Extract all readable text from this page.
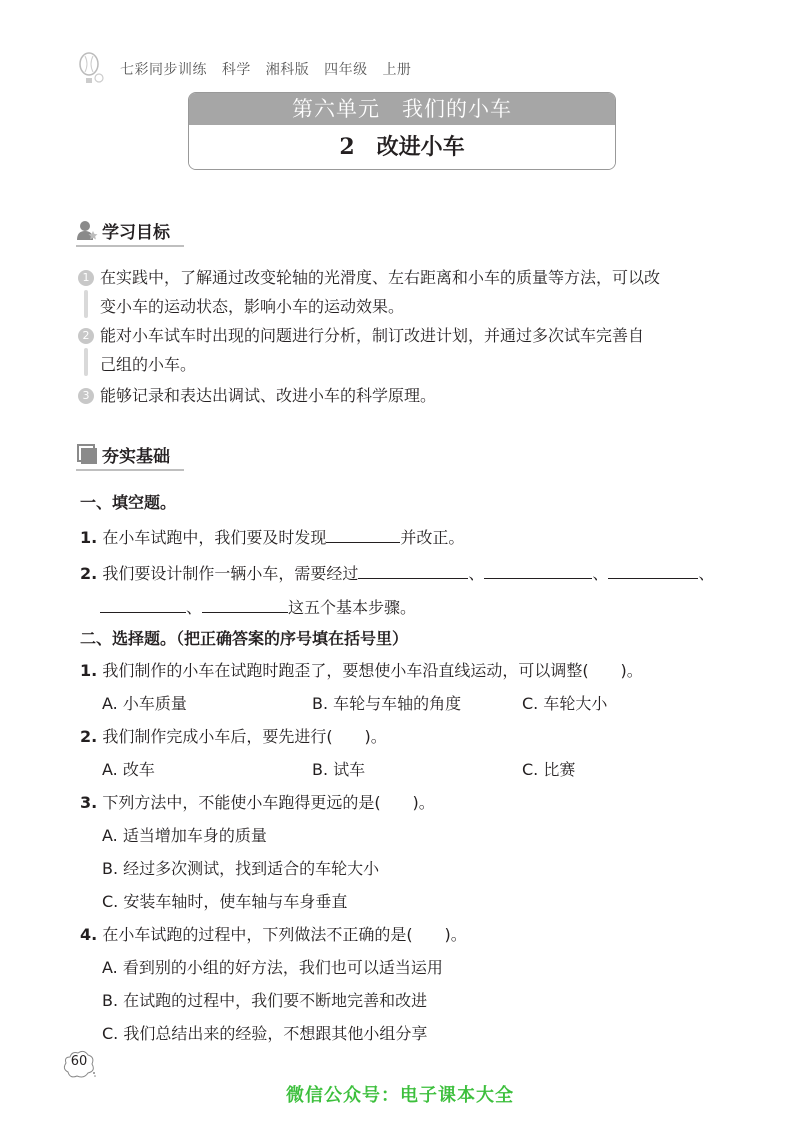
七彩同步训练 科学 湘科版 四年级 上册
第六单元　我们的小车
2　改进小车
学习目标
1 在实践中，了解通过改变轮轴的光滑度、左右距离和小车的质量等方法，可以改
变小车的运动状态，影响小车的运动效果。
2 能对小车试车时出现的问题进行分析，制订改进计划，并通过多次试车完善自
己组的小车。
3 能够记录和表达出调试、改进小车的科学原理。
夯实基础
一、填空题。
1. 在小车试跑中，我们要及时发现	并改正。
2. 我们要设计制作一辆小车，需要经过	、	、	、
、	这五个基本步骤。
二、选择题。（把正确答案的序号填在括号里）
1. 我们制作的小车在试跑时跑歪了，要想使小车沿直线运动，可以调整(　　)。
A. 小车质量	B. 车轮与车轴的角度	C. 车轮大小
2. 我们制作完成小车后，要先进行(　　)。
A. 改车	B. 试车	C. 比赛
3. 下列方法中，不能使小车跑得更远的是(　　)。
A. 适当增加车身的质量
B. 经过多次测试，找到适合的车轮大小
C. 安装车轴时，使车轴与车身垂直
4. 在小车试跑的过程中，下列做法不正确的是(　　)。
A. 看到别的小组的好方法，我们也可以适当运用
B. 在试跑的过程中，我们要不断地完善和改进
C. 我们总结出来的经验，不想跟其他小组分享
60
微信公众号：电子课本大全
